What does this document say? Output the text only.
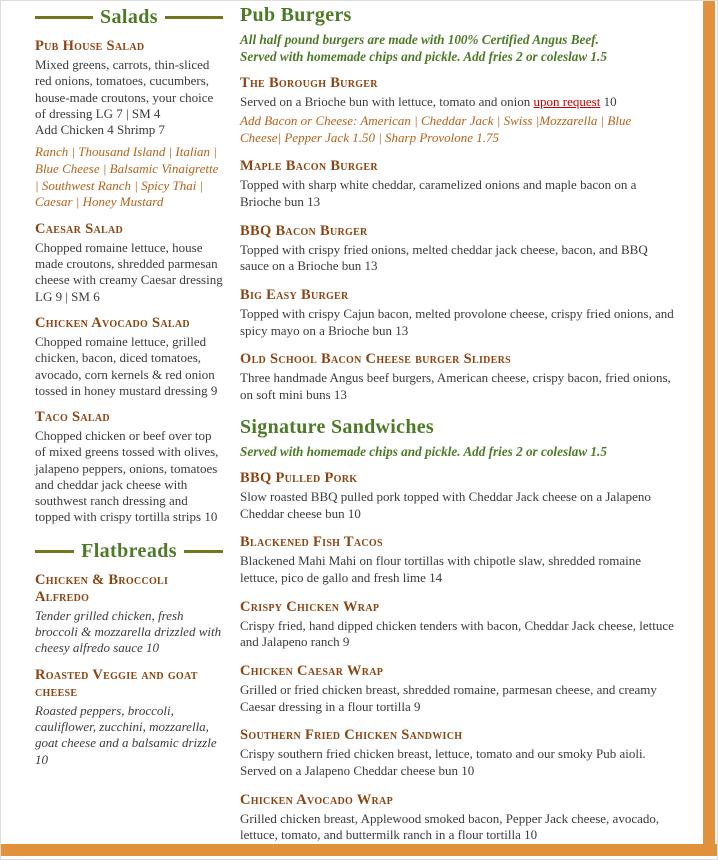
Salads
Pub House Salad

Mixed greens, carrots, thin-sliced red onions, tomatoes, cucumbers, house-made croutons, your choice of dressing LG 7 | SM 4

Add Chicken 4 Shrimp 7

Ranch | Thousand Island | Italian | Blue Cheese | Balsamic Vinaigrette | Southwest Ranch | Spicy Thai | Caesar | Honey Mustard

Caesar Salad

Chopped romaine lettuce, house made croutons, shredded parmesan cheese with creamy Caesar dressing LG 9 | SM 6

Chicken Avocado Salad

Chopped romaine lettuce, grilled chicken, bacon, diced tomatoes, avocado, corn kernels & red onion tossed in honey mustard dressing 9

Taco Salad

Chopped chicken or beef over top of mixed greens tossed with olives, jalapeno peppers, onions, tomatoes and cheddar jack cheese with southwest ranch dressing and topped with crispy tortilla strips 10

Flatbreads
Chicken & Broccoli Alfredo

Tender grilled chicken, fresh broccoli & mozzarella drizzled with cheesy alfredo sauce 10

Roasted Veggie and goat cheese

Roasted peppers, broccoli, cauliflower, zucchini, mozzarella, goat cheese and a balsamic drizzle 10

Pub Burgers

All half pound burgers are made with 100% Certified Angus Beef.

Served with homemade chips and pickle. Add fries 2 or coleslaw 1.5

The Borough Burger

Served on a Brioche bun with lettuce, tomato and onion upon request 10

Add Bacon or Cheese: American | Cheddar Jack | Swiss |Mozzarella | Blue Cheese| Pepper Jack 1.50 | Sharp Provolone 1.75

Maple Bacon Burger

Topped with sharp white cheddar, caramelized onions and maple bacon on a Brioche bun 13

BBQ Bacon Burger

Topped with crispy fried onions, melted cheddar jack cheese, bacon, and BBQ sauce on a Brioche bun 13

Big Easy Burger

Topped with crispy Cajun bacon, melted provolone cheese, crispy fried onions, and spicy mayo on a Brioche bun 13

Old School Bacon Cheese burger Sliders

Three handmade Angus beef burgers, American cheese, crispy bacon, fried onions, on soft mini buns 13

Signature Sandwiches

Served with homemade chips and pickle. Add fries 2 or coleslaw 1.5

BBQ Pulled Pork

Slow roasted BBQ pulled pork topped with Cheddar Jack cheese on a Jalapeno Cheddar cheese bun 10

Blackened Fish Tacos

Blackened Mahi Mahi on flour tortillas with chipotle slaw, shredded romaine lettuce, pico de gallo and fresh lime 14

Crispy Chicken Wrap

Crispy fried, hand dipped chicken tenders with bacon, Cheddar Jack cheese, lettuce and Jalapeno ranch 9

Chicken Caesar Wrap

Grilled or fried chicken breast, shredded romaine, parmesan cheese, and creamy Caesar dressing in a flour tortilla 9

Southern Fried Chicken Sandwich

Crispy southern fried chicken breast, lettuce, tomato and our smoky Pub aioli. Served on a Jalapeno Cheddar cheese bun 10

Chicken Avocado Wrap

Grilled chicken breast, Applewood smoked bacon, Pepper Jack cheese, avocado, lettuce, tomato, and buttermilk ranch in a flour tortilla 10
